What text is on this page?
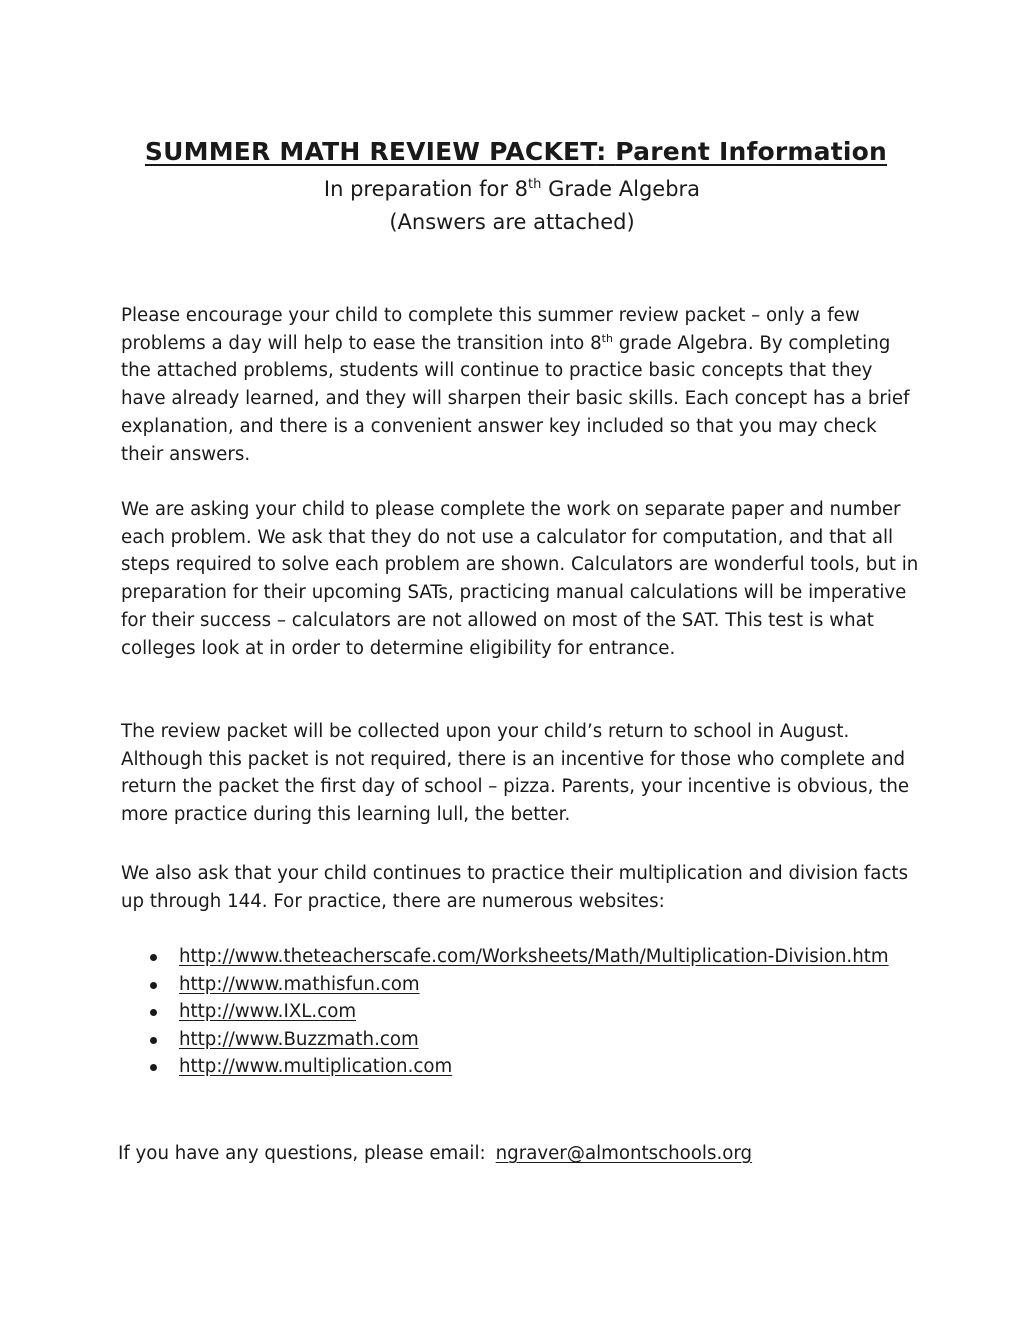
SUMMER MATH REVIEW PACKET: Parent Information
In preparation for 8th Grade Algebra
(Answers are attached)

Please encourage your child to complete this summer review packet – only a few problems a day will help to ease the transition into 8th grade Algebra. By completing the attached problems, students will continue to practice basic concepts that they have already learned, and they will sharpen their basic skills. Each concept has a brief explanation, and there is a convenient answer key included so that you may check their answers.

We are asking your child to please complete the work on separate paper and number each problem. We ask that they do not use a calculator for computation, and that all steps required to solve each problem are shown. Calculators are wonderful tools, but in preparation for their upcoming SATs, practicing manual calculations will be imperative for their success – calculators are not allowed on most of the SAT. This test is what colleges look at in order to determine eligibility for entrance.

The review packet will be collected upon your child’s return to school in August. Although this packet is not required, there is an incentive for those who complete and return the packet the first day of school – pizza. Parents, your incentive is obvious, the more practice during this learning lull, the better.

We also ask that your child continues to practice their multiplication and division facts up through 144. For practice, there are numerous websites:

http://www.theteacherscafe.com/Worksheets/Math/Multiplication-Division.htm
http://www.mathisfun.com
http://www.IXL.com
http://www.Buzzmath.com
http://www.multiplication.com
If you have any questions, please email: ngraver@almontschools.org
